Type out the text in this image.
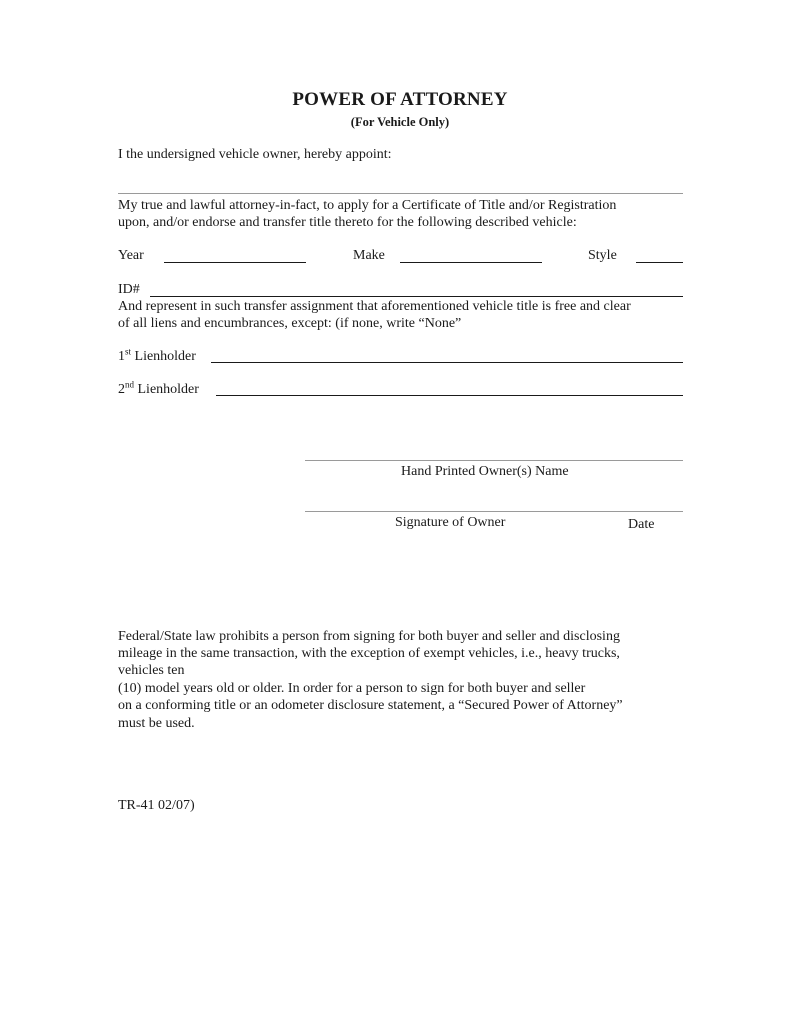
POWER OF ATTORNEY
(For Vehicle Only)
I the undersigned vehicle owner, hereby appoint:
My true and lawful attorney-in-fact, to apply for a Certificate of Title and/or Registration
upon, and/or endorse and transfer title thereto for the following described vehicle:
Year	Make	Style
ID#
And represent in such transfer assignment that aforementioned vehicle title is free and clear
of all liens and encumbrances, except: (if none, write “None”
1st Lienholder
2nd Lienholder
Hand Printed Owner(s) Name
Signature of Owner	Date
Federal/State law prohibits a person from signing for both buyer and seller and disclosing
mileage in the same transaction, with the exception of exempt vehicles, i.e., heavy trucks,
vehicles ten
(10) model years old or older. In order for a person to sign for both buyer and seller
on a conforming title or an odometer disclosure statement, a “Secured Power of Attorney”
must be used.
TR-41 02/07)
